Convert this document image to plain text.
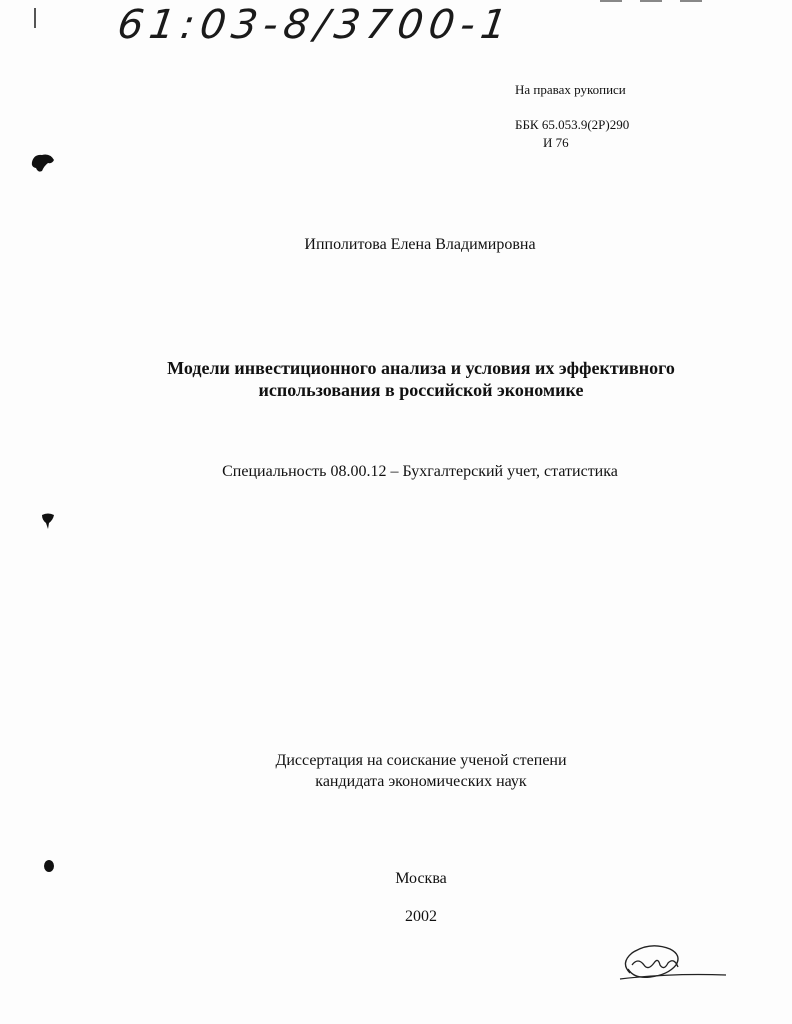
61:03-8/3700-1
На правах рукописи
ББК 65.053.9(2Р)290
И 76
Ипполитова Елена Владимировна
Модели инвестиционного анализа и условия их эффективного
использования в российской экономике
Специальность 08.00.12 – Бухгалтерский учет, статистика
Диссертация на соискание ученой степени
кандидата экономических наук
Москва
2002
